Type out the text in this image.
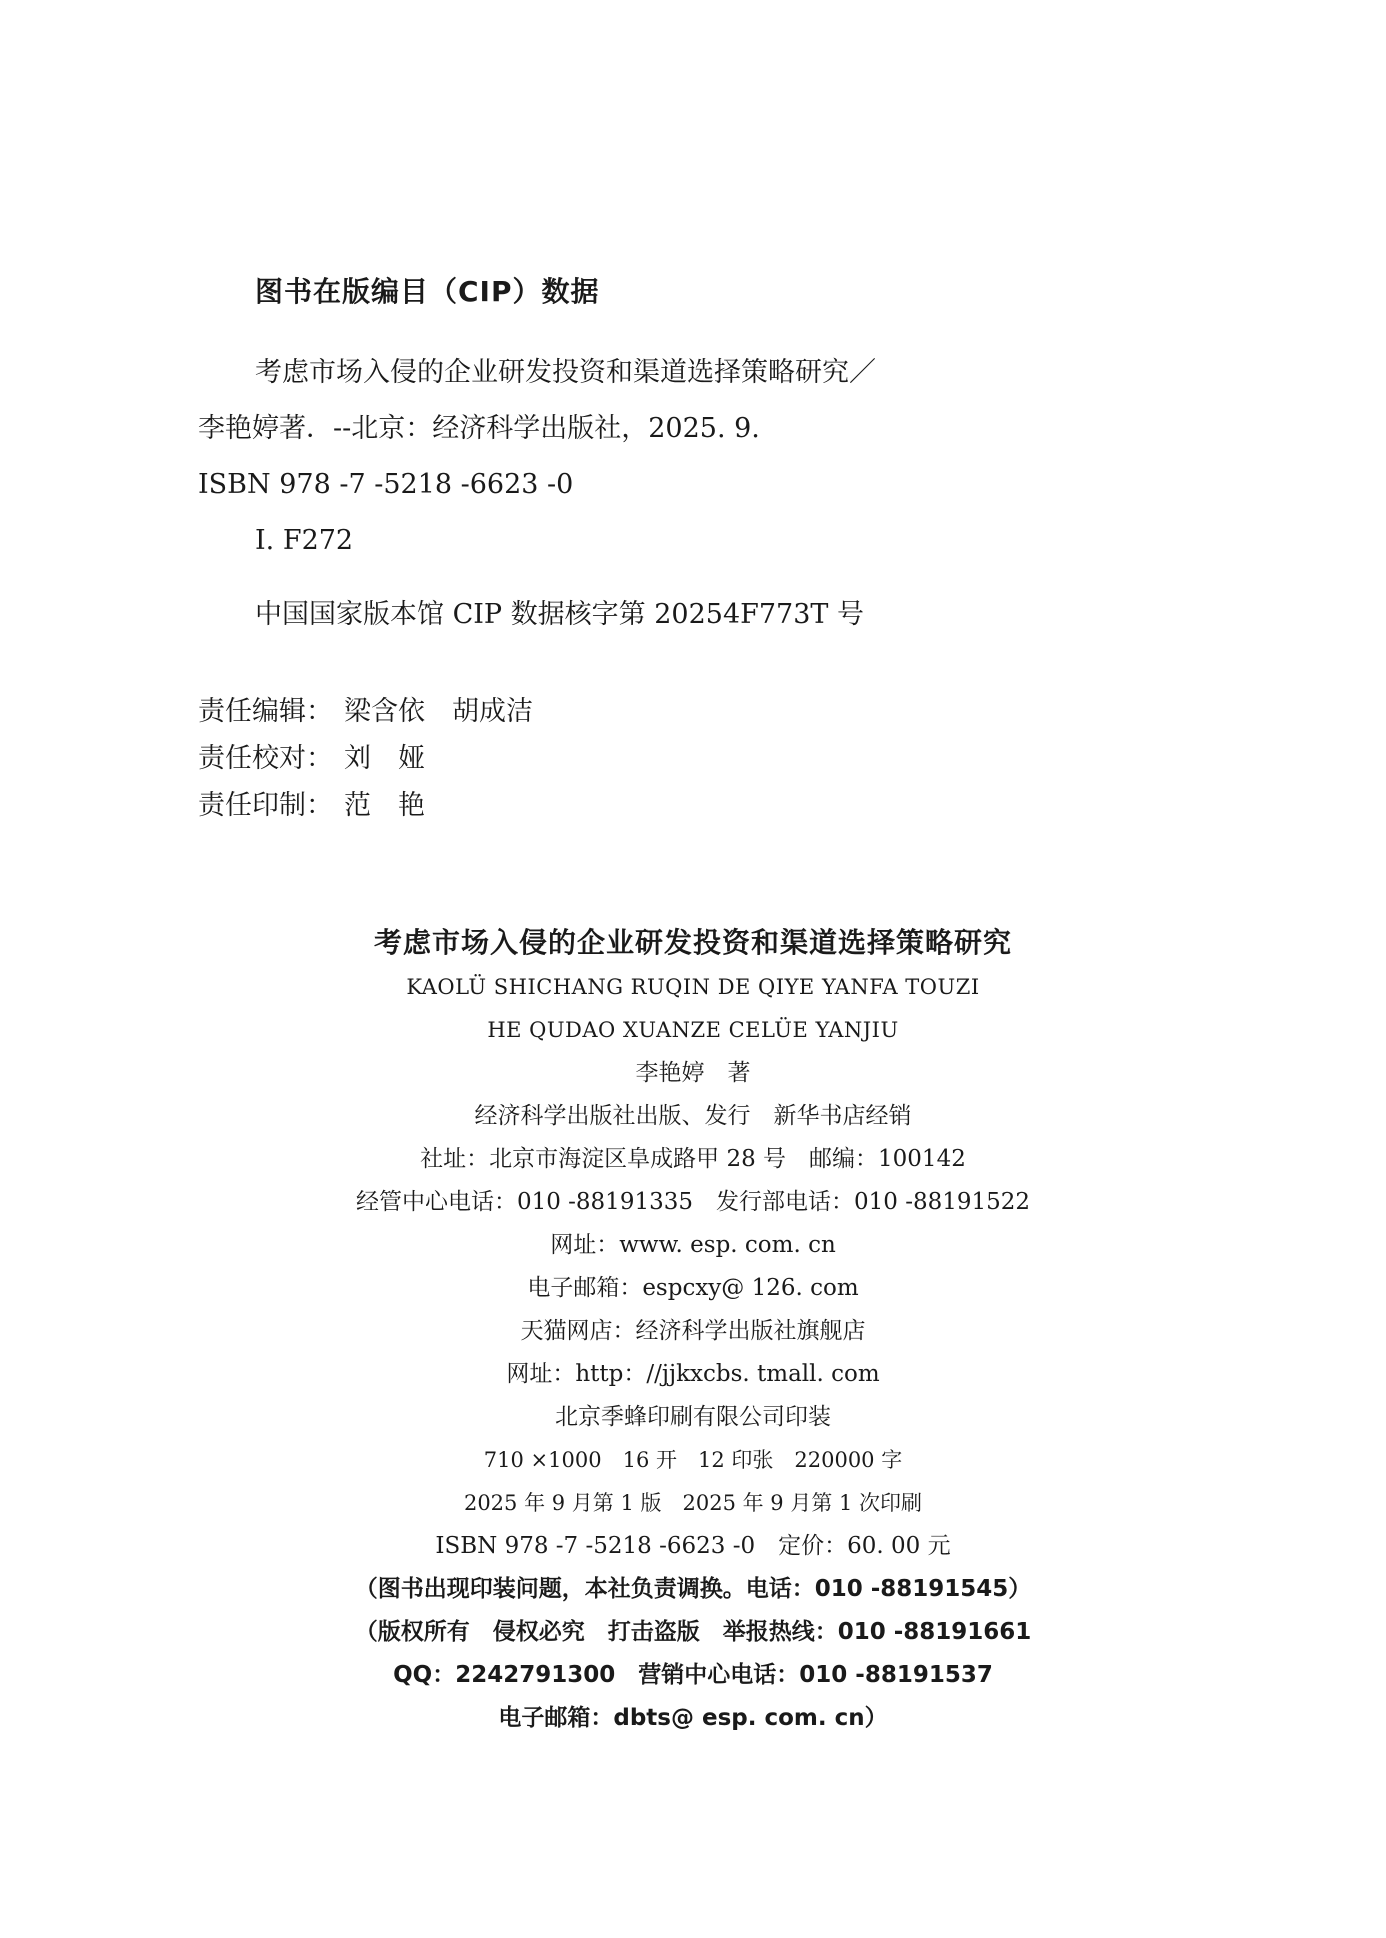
图书在版编目（CIP）数据
考虑市场入侵的企业研发投资和渠道选择策略研究／
李艳婷著．--北京：经济科学出版社，2025. 9.
ISBN 978 -7 -5218 -6623 -0
Ⅰ. F272
中国国家版本馆 CIP 数据核字第 20254F773T 号
责任编辑： 梁含依　胡成洁
责任校对： 刘　娅
责任印制： 范　艳
考虑市场入侵的企业研发投资和渠道选择策略研究
KAOLÜ SHICHANG RUQIN DE QIYE YANFA TOUZI
HE QUDAO XUANZE CELÜE YANJIU
李艳婷　著
经济科学出版社出版、发行　新华书店经销
社址：北京市海淀区阜成路甲 28 号　邮编：100142
经管中心电话：010 -88191335　发行部电话：010 -88191522
网址：www. esp. com. cn
电子邮箱：espcxy@ 126. com
天猫网店：经济科学出版社旗舰店
网址：http：//jjkxcbs. tmall. com
北京季蜂印刷有限公司印装
710 ×1000　16 开　12 印张　220000 字
2025 年 9 月第 1 版　2025 年 9 月第 1 次印刷
ISBN 978 -7 -5218 -6623 -0　定价：60. 00 元
（图书出现印装问题，本社负责调换。电话：010 -88191545）
（版权所有　侵权必究　打击盗版　举报热线：010 -88191661
QQ：2242791300　营销中心电话：010 -88191537
电子邮箱：dbts@ esp. com. cn）
